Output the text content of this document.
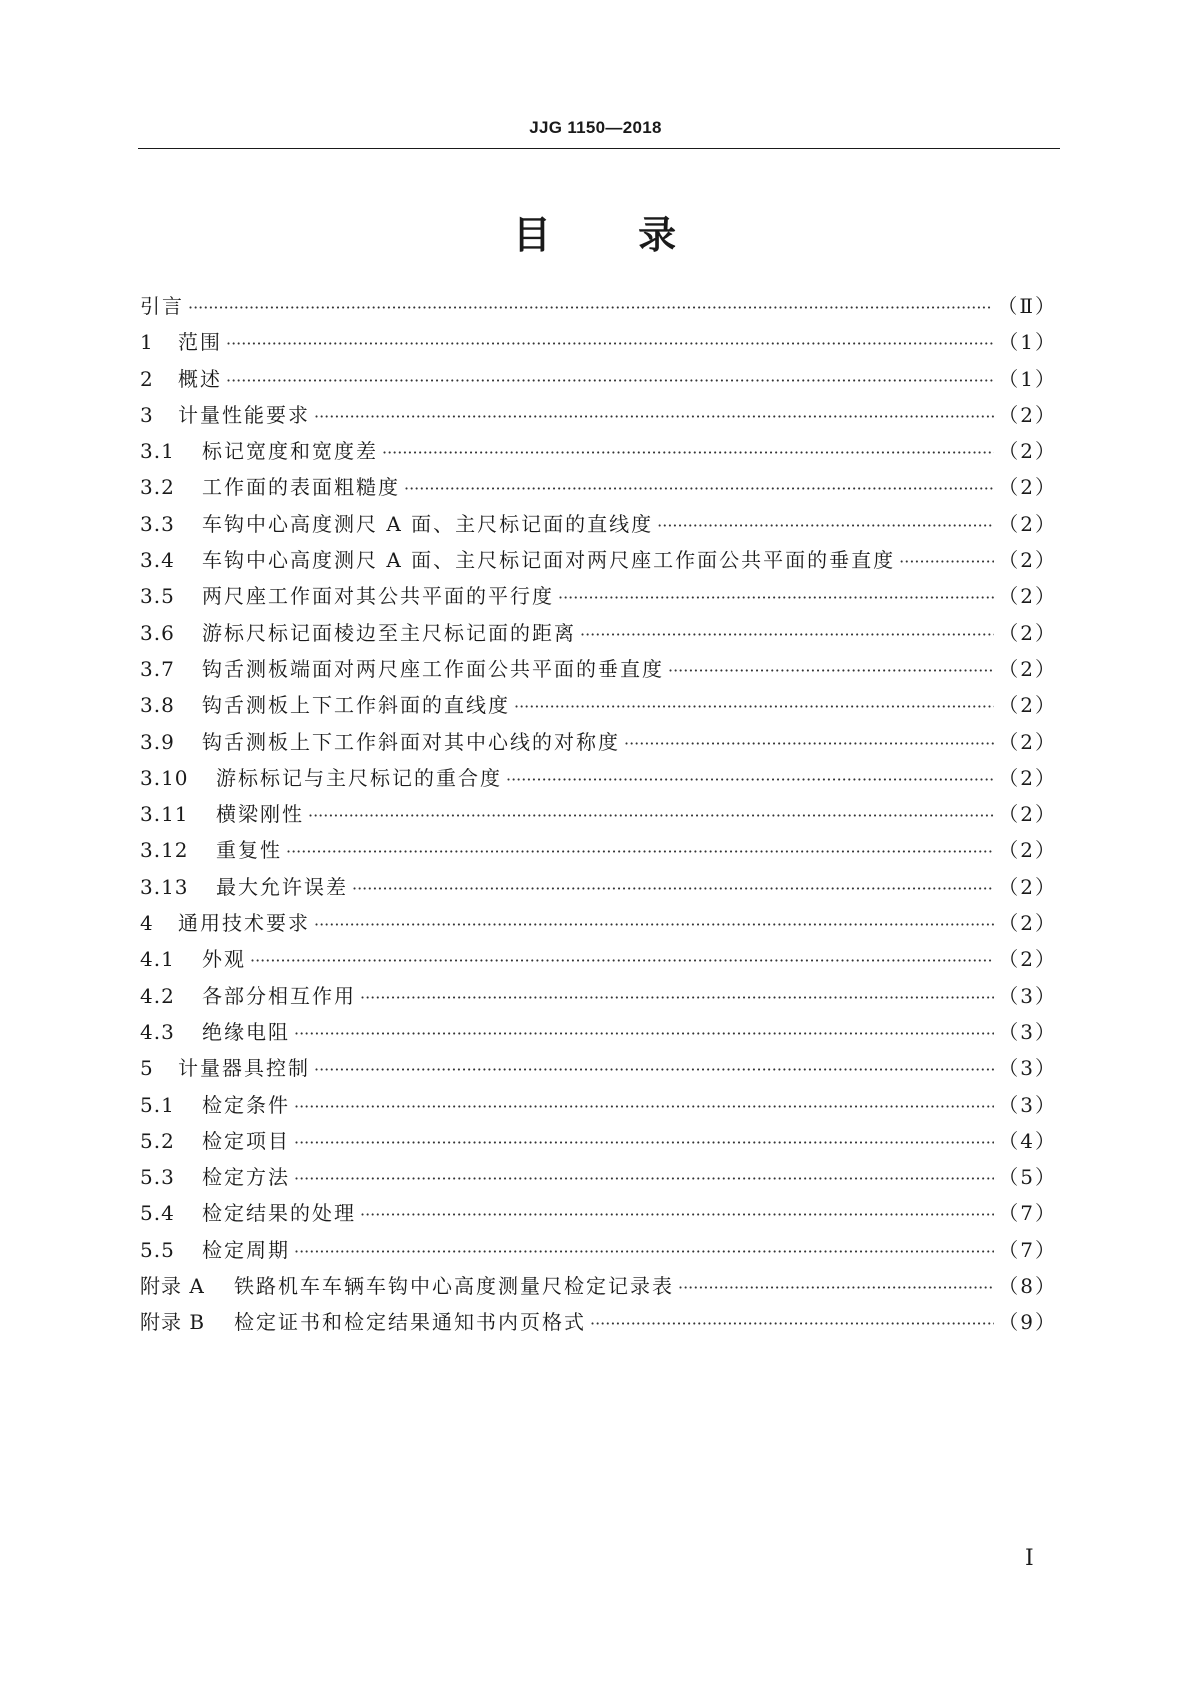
JJG 1150—2018
目 录
引言 ·····	（Ⅱ）
1	范围 ·····	（1）
2	概述 ·····	（1）
3	计量性能要求 ·····	（2）
3.1	标记宽度和宽度差 ·····	（2）
3.2	工作面的表面粗糙度 ·····	（2）
3.3	车钩中心高度测尺 A 面、主尺标记面的直线度 ·····	（2）
3.4	车钩中心高度测尺 A 面、主尺标记面对两尺座工作面公共平面的垂直度 ·····	（2）
3.5	两尺座工作面对其公共平面的平行度 ·····	（2）
3.6	游标尺标记面棱边至主尺标记面的距离 ·····	（2）
3.7	钩舌测板端面对两尺座工作面公共平面的垂直度 ·····	（2）
3.8	钩舌测板上下工作斜面的直线度 ·····	（2）
3.9	钩舌测板上下工作斜面对其中心线的对称度 ·····	（2）
3.10	游标标记与主尺标记的重合度 ·····	（2）
3.11	横梁刚性 ·····	（2）
3.12	重复性 ·····	（2）
3.13	最大允许误差 ·····	（2）
4	通用技术要求 ·····	（2）
4.1	外观 ·····	（2）
4.2	各部分相互作用 ·····	（3）
4.3	绝缘电阻 ·····	（3）
5	计量器具控制 ·····	（3）
5.1	检定条件 ·····	（3）
5.2	检定项目 ·····	（4）
5.3	检定方法 ·····	（5）
5.4	检定结果的处理 ·····	（7）
5.5	检定周期 ·····	（7）
附录 A	铁路机车车辆车钩中心高度测量尺检定记录表 ·····	（8）
附录 B	检定证书和检定结果通知书内页格式 ·····	（9）
I
